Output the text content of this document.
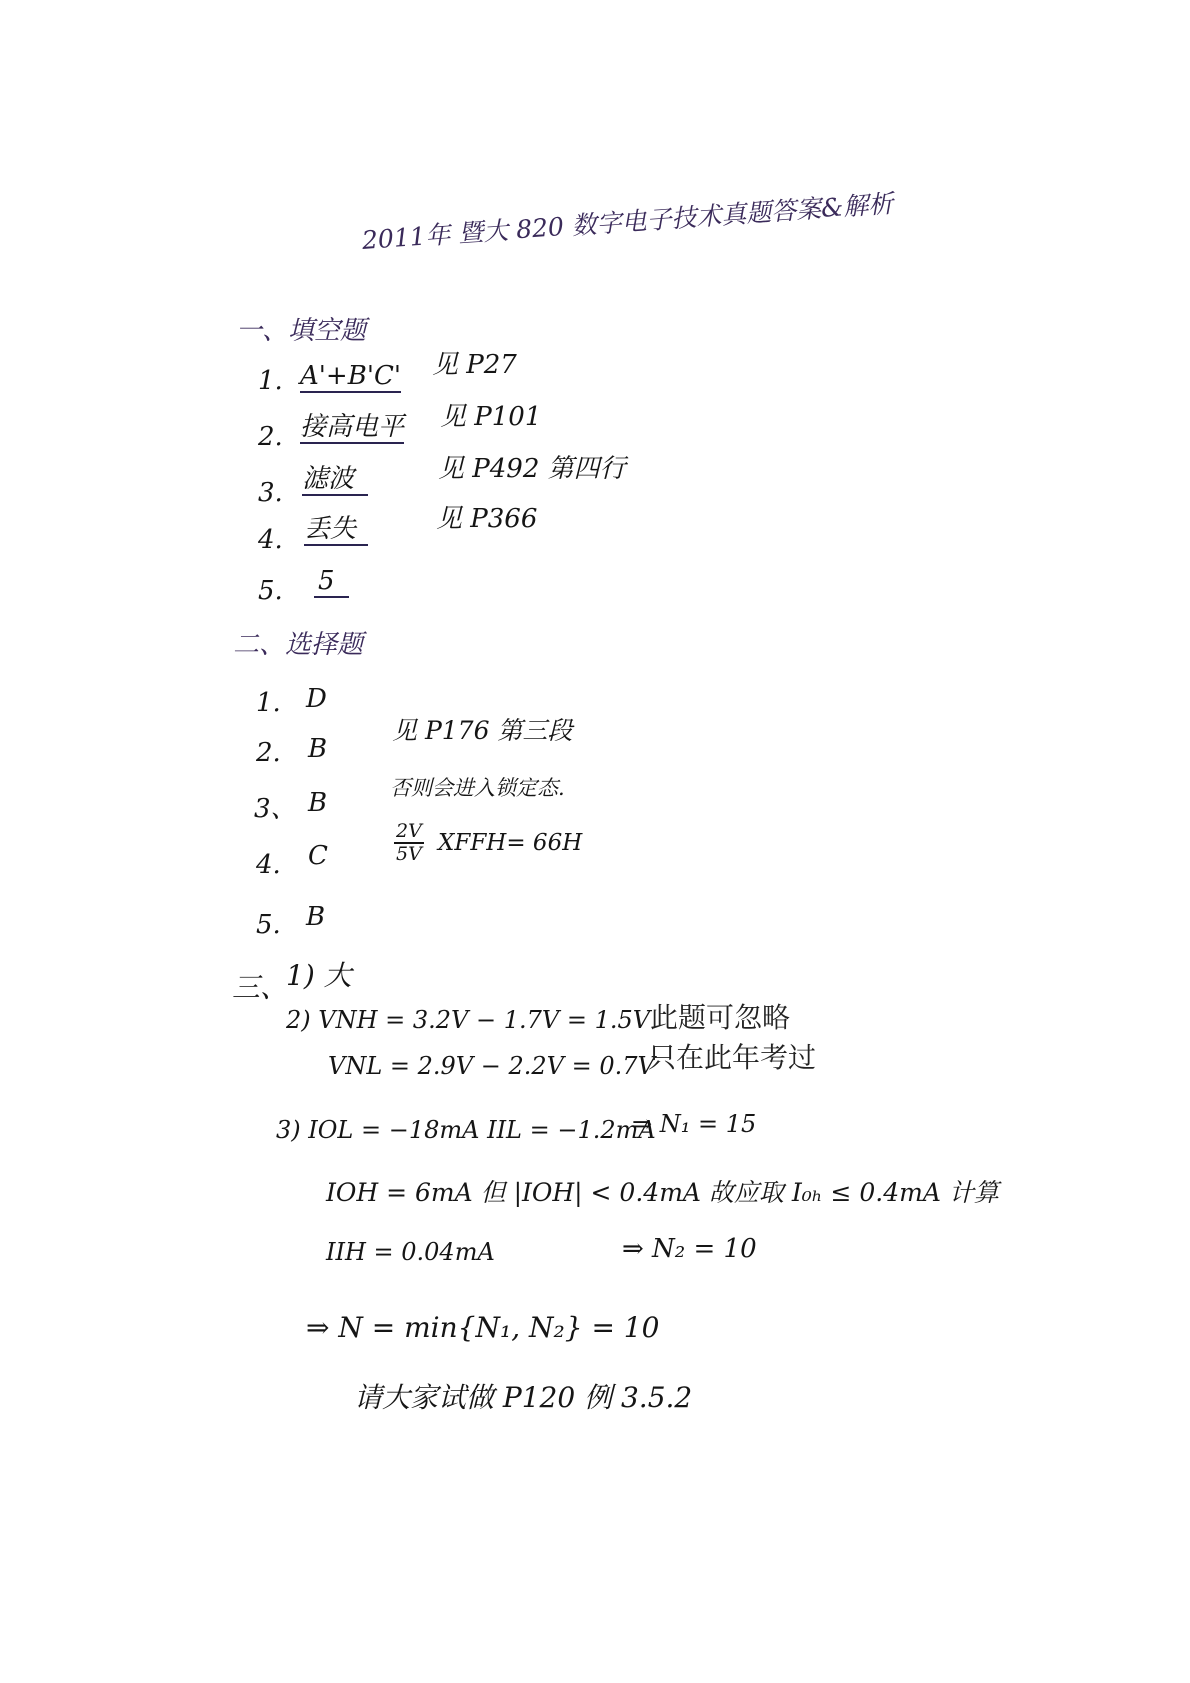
2011年 暨大 820 数字电子技术真题答案&解析
一、填空题
1. A'+B'C' 见 P27
2. 接高电平 见 P101
3. 滤波	见 P492 第四行
4. 丢失	见 P366
5. 5
二、选择题
1. D
2. B
见 P176 第三段
3、 B	否则会进入锁定态.
4. C	$\frac{2V}{5V}$ XFFH= 66H
5. B
三、
1) 大
2) VNH = 3.2V − 1.7V = 1.5V
VNL = 2.9V − 2.2V = 0.7V
此题可忽略
只在此年考过
3) IOL = −18mA IIL = −1.2mA
⇒ N₁ = 15
IOH = 6mA 但 |IOH| < 0.4mA 故应取 I₀ₕ ≤ 0.4mA 计算
IIH = 0.04mA	⇒ N₂ = 10
⇒ N = min{N₁, N₂} = 10
请大家试做 P120 例 3.5.2
